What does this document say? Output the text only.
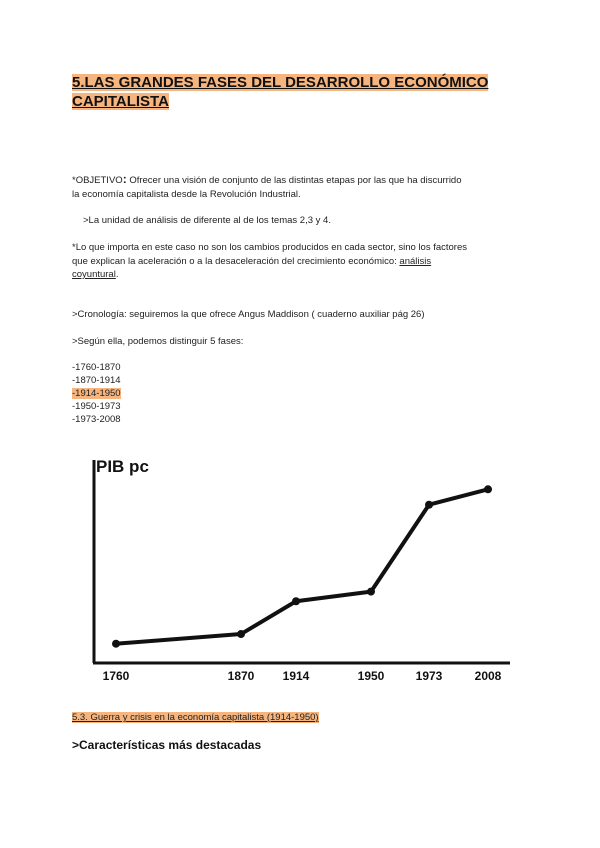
5.LAS GRANDES FASES DEL DESARROLLO ECONÓMICO
CAPITALISTA
*OBJETIVO: Ofrecer una visión de conjunto de las distintas etapas por las que ha discurrido
la economía capitalista desde la Revolución Industrial.
>La unidad de análisis de diferente al de los temas 2,3 y 4.
*Lo que importa en este caso no son los cambios producidos en cada sector, sino los factores
que explican la aceleración o a la desaceleración del crecimiento económico: análisis
coyuntural.
>Cronología: seguiremos la que ofrece Angus Maddison ( cuaderno auxiliar pág 26)
>Según ella, podemos distinguir 5 fases:
-1760-1870
-1870-1914
-1914-1950
-1950-1973
-1973-2008
PIB pc
1760	1870 1914	1950	1973	2008
5.3. Guerra y crisis en la economía capitalista (1914-1950)
>Características más destacadas
